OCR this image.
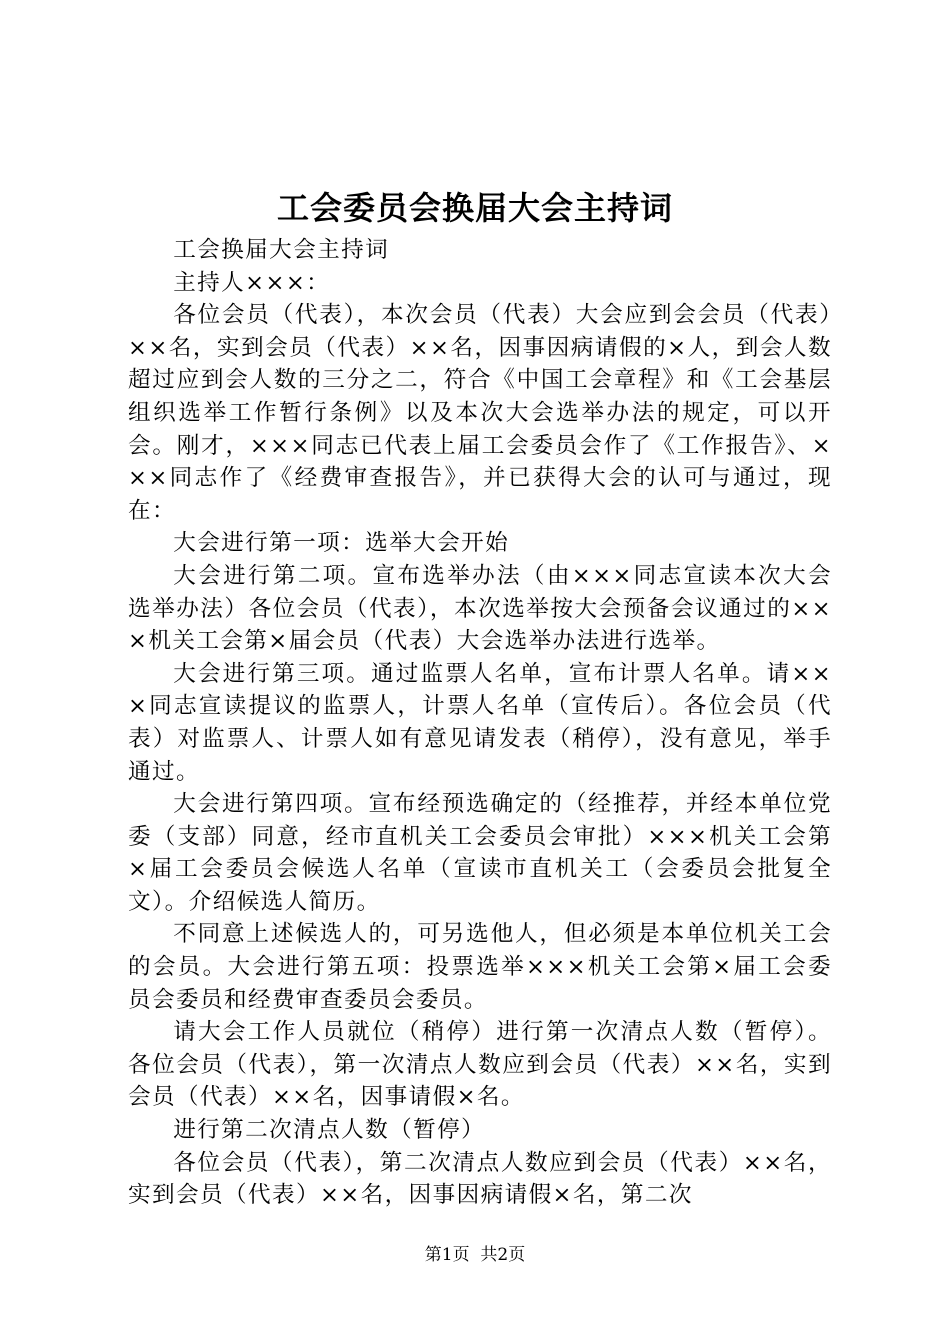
工会委员会换届大会主持词

工会换届大会主持词

主持人×××：

各位会员（代表），本次会员（代表）大会应到会会员（代表）××名，实到会员（代表）××名，因事因病请假的×人，到会人数超过应到会人数的三分之二，符合《中国工会章程》和《工会基层组织选举工作暂行条例》以及本次大会选举办法的规定，可以开会。刚才，×××同志已代表上届工会委员会作了《工作报告》、×××同志作了《经费审查报告》，并已获得大会的认可与通过，现在：

大会进行第一项：选举大会开始

大会进行第二项。宣布选举办法（由×××同志宣读本次大会选举办法）各位会员（代表），本次选举按大会预备会议通过的×××机关工会第×届会员（代表）大会选举办法进行选举。

大会进行第三项。通过监票人名单，宣布计票人名单。请×××同志宣读提议的监票人，计票人名单（宣传后）。各位会员（代表）对监票人、计票人如有意见请发表（稍停），没有意见，举手通过。

大会进行第四项。宣布经预选确定的（经推荐，并经本单位党委（支部）同意，经市直机关工会委员会审批）×××机关工会第×届工会委员会候选人名单（宣读市直机关工（会委员会批复全文）。介绍候选人简历。

不同意上述候选人的，可另选他人，但必须是本单位机关工会的会员。大会进行第五项：投票选举×××机关工会第×届工会委员会委员和经费审查委员会委员。

请大会工作人员就位（稍停）进行第一次清点人数（暂停）。各位会员（代表），第一次清点人数应到会员（代表）××名，实到会员（代表）××名，因事请假×名。

进行第二次清点人数（暂停）

各位会员（代表），第二次清点人数应到会员（代表）××名，实到会员（代表）××名，因事因病请假×名，第二次

第1页 共2页
